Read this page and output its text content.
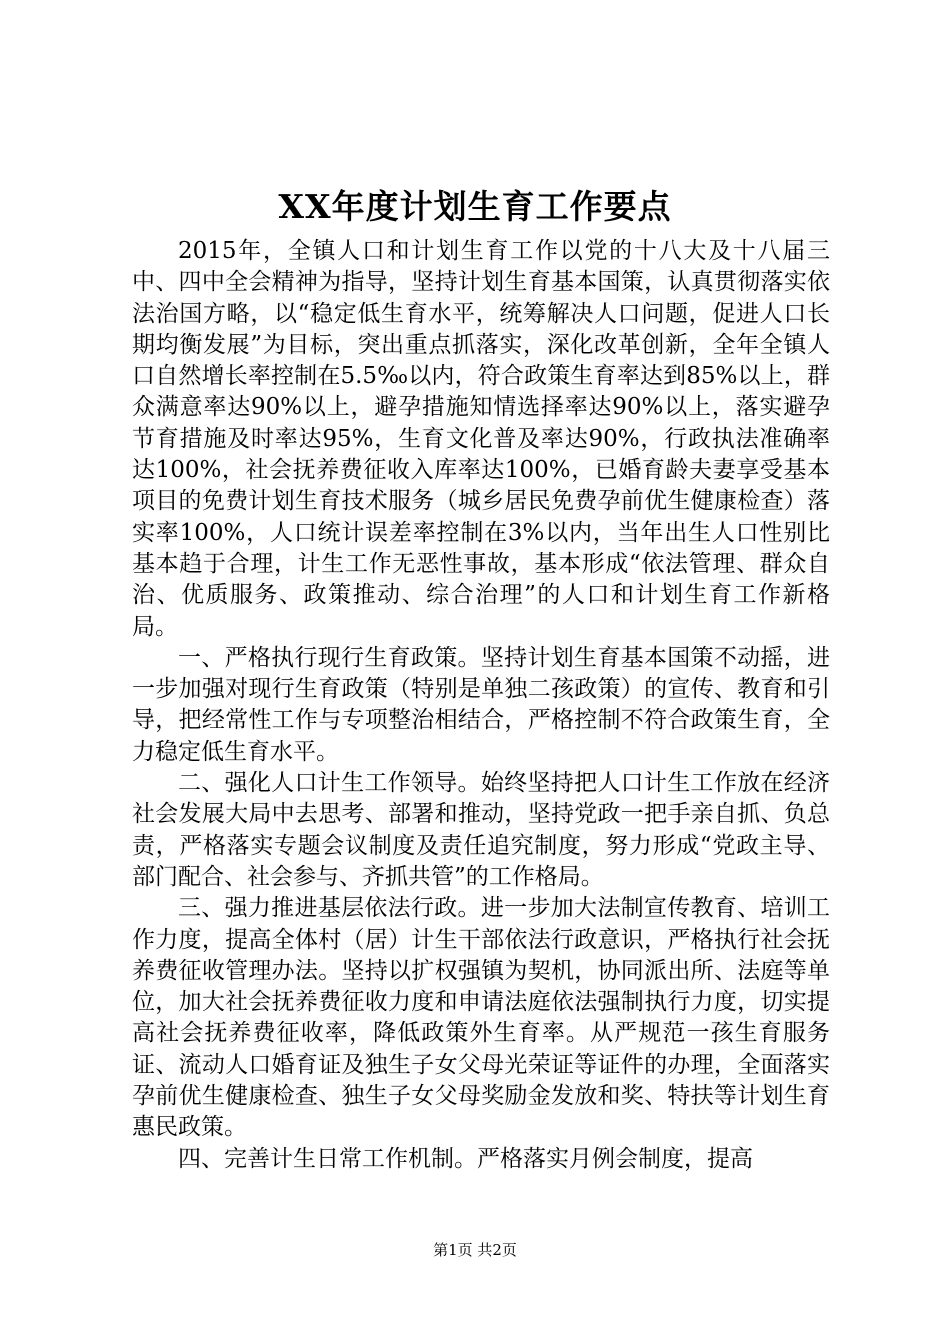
XX年度计划生育工作要点

2015年，全镇人口和计划生育工作以党的十八大及十八届三中、四中全会精神为指导，坚持计划生育基本国策，认真贯彻落实依法治国方略，以“稳定低生育水平，统筹解决人口问题，促进人口长期均衡发展”为目标，突出重点抓落实，深化改革创新，全年全镇人口自然增长率控制在5.5‰以内，符合政策生育率达到85%以上，群众满意率达90%以上，避孕措施知情选择率达90%以上，落实避孕节育措施及时率达95%，生育文化普及率达90%，行政执法准确率达100%，社会抚养费征收入库率达100%，已婚育龄夫妻享受基本项目的免费计划生育技术服务（城乡居民免费孕前优生健康检查）落实率100%，人口统计误差率控制在3%以内，当年出生人口性别比基本趋于合理，计生工作无恶性事故，基本形成“依法管理、群众自治、优质服务、政策推动、综合治理”的人口和计划生育工作新格局。

一、严格执行现行生育政策。坚持计划生育基本国策不动摇，进一步加强对现行生育政策（特别是单独二孩政策）的宣传、教育和引导，把经常性工作与专项整治相结合，严格控制不符合政策生育，全力稳定低生育水平。

二、强化人口计生工作领导。始终坚持把人口计生工作放在经济社会发展大局中去思考、部署和推动，坚持党政一把手亲自抓、负总责，严格落实专题会议制度及责任追究制度，努力形成“党政主导、部门配合、社会参与、齐抓共管”的工作格局。

三、强力推进基层依法行政。进一步加大法制宣传教育、培训工作力度，提高全体村（居）计生干部依法行政意识，严格执行社会抚养费征收管理办法。坚持以扩权强镇为契机，协同派出所、法庭等单位，加大社会抚养费征收力度和申请法庭依法强制执行力度，切实提高社会抚养费征收率，降低政策外生育率。从严规范一孩生育服务证、流动人口婚育证及独生子女父母光荣证等证件的办理，全面落实孕前优生健康检查、独生子女父母奖励金发放和奖、特扶等计划生育惠民政策。

四、完善计生日常工作机制。严格落实月例会制度，提高

第1页 共2页
